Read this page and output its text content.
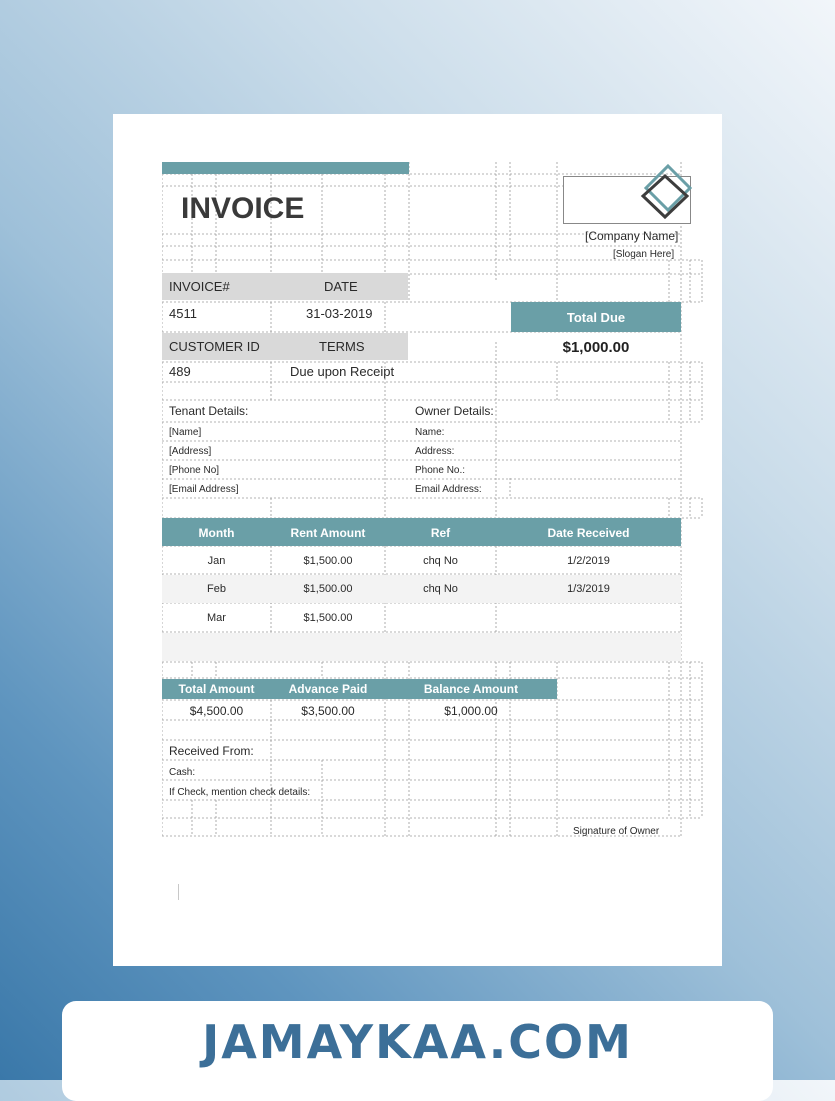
INVOICE
[Company Name]
[Slogan Here]
INVOICE#	DATE
4511	31-03-2019
CUSTOMER ID	TERMS
489	Due upon Receipt
Total Due
$1,000.00
Tenant Details:
[Name]
[Address]
[Phone No]
[Email Address]
Owner Details:
Name:
Address:
Phone No.:
Email Address:
Month	Rent Amount	Ref	Date Received
Jan	$1,500.00	chq No	1/2/2019
Feb	$1,500.00	chq No	1/3/2019
Mar	$1,500.00
Total Amount	Advance Paid	Balance Amount
$4,500.00	$3,500.00	$1,000.00
Received From:
Cash:
If Check, mention check details:
Signature of Owner
JAMAYKAA.COM
